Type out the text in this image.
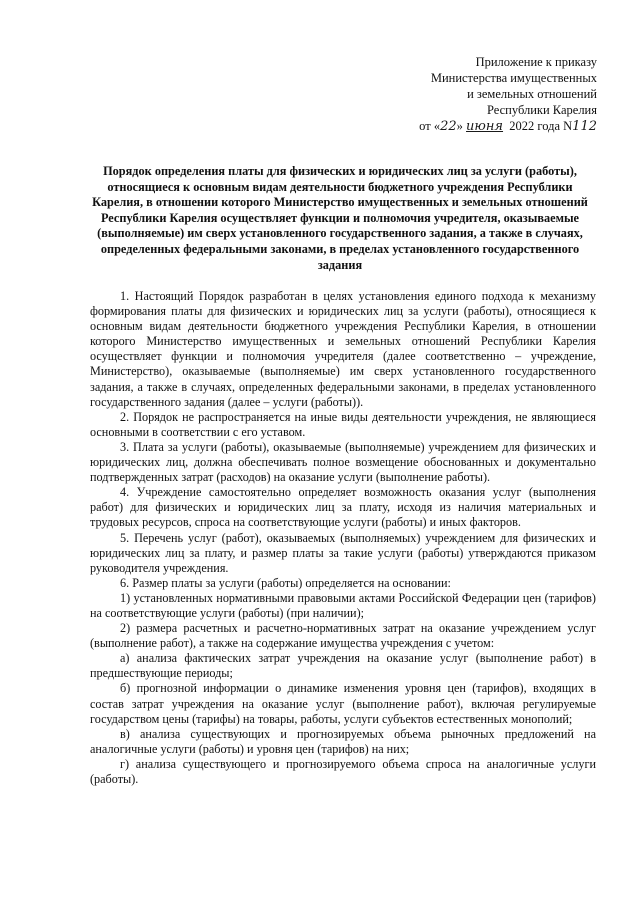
Приложение к приказу
Министерства имущественных
и земельных отношений
Республики Карелия
от «22» июня 2022 года N112
Порядок определения платы для физических и юридических лиц за услуги (работы), относящиеся к основным видам деятельности бюджетного учреждения Республики Карелия, в отношении которого Министерство имущественных и земельных отношений Республики Карелия осуществляет функции и полномочия учредителя, оказываемые (выполняемые) им сверх установленного государственного задания, а также в случаях, определенных федеральными законами, в пределах установленного государственного задания

1. Настоящий Порядок разработан в целях установления единого подхода к механизму формирования платы для физических и юридических лиц за услуги (работы), относящиеся к основным видам деятельности бюджетного учреждения Республики Карелия, в отношении которого Министерство имущественных и земельных отношений Республики Карелия осуществляет функции и полномочия учредителя (далее соответственно – учреждение, Министерство), оказываемые (выполняемые) им сверх установленного государственного задания, а также в случаях, определенных федеральными законами, в пределах установленного государственного задания (далее – услуги (работы)).

2. Порядок не распространяется на иные виды деятельности учреждения, не являющиеся основными в соответствии с его уставом.

3. Плата за услуги (работы), оказываемые (выполняемые) учреждением для физических и юридических лиц, должна обеспечивать полное возмещение обоснованных и документально подтвержденных затрат (расходов) на оказание услуги (выполнение работы).

4. Учреждение самостоятельно определяет возможность оказания услуг (выполнения работ) для физических и юридических лиц за плату, исходя из наличия материальных и трудовых ресурсов, спроса на соответствующие услуги (работы) и иных факторов.

5. Перечень услуг (работ), оказываемых (выполняемых) учреждением для физических и юридических лиц за плату, и размер платы за такие услуги (работы) утверждаются приказом руководителя учреждения.

6. Размер платы за услуги (работы) определяется на основании:

1) установленных нормативными правовыми актами Российской Федерации цен (тарифов) на соответствующие услуги (работы) (при наличии);

2) размера расчетных и расчетно-нормативных затрат на оказание учреждением услуг (выполнение работ), а также на содержание имущества учреждения с учетом:

а) анализа фактических затрат учреждения на оказание услуг (выполнение работ) в предшествующие периоды;

б) прогнозной информации о динамике изменения уровня цен (тарифов), входящих в состав затрат учреждения на оказание услуг (выполнение работ), включая регулируемые государством цены (тарифы) на товары, работы, услуги субъектов естественных монополий;

в) анализа существующих и прогнозируемых объема рыночных предложений на аналогичные услуги (работы) и уровня цен (тарифов) на них;

г) анализа существующего и прогнозируемого объема спроса на аналогичные услуги (работы).
